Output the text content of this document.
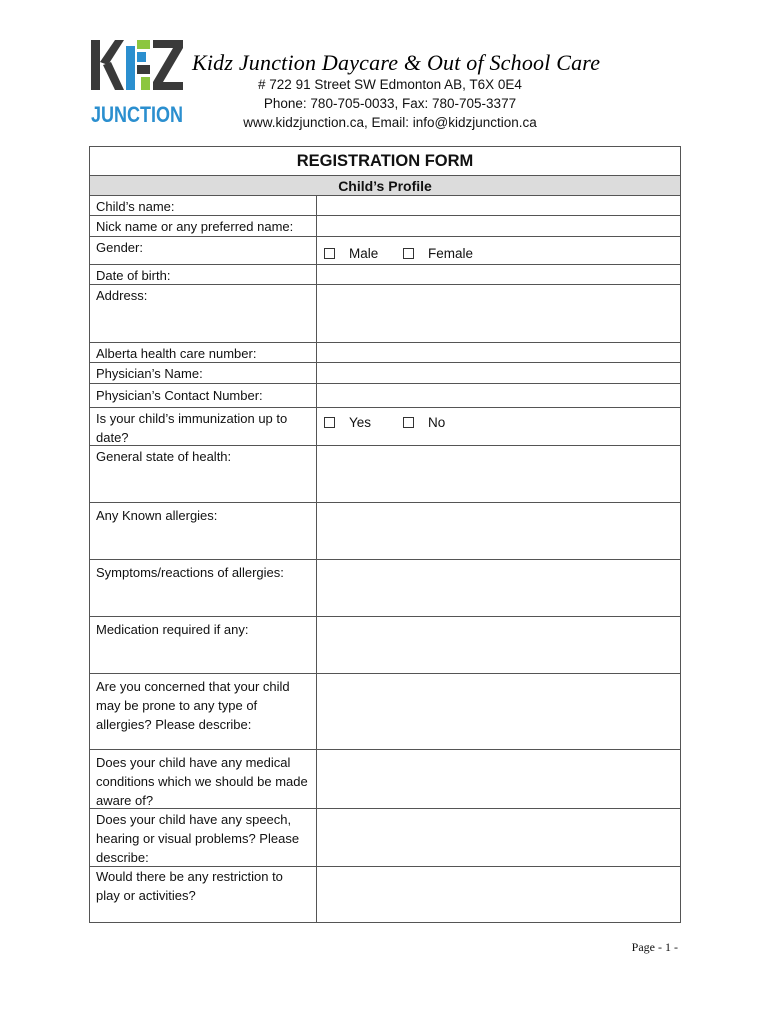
JUNCTION
Kidz Junction Daycare & Out of School Care
# 722 91 Street SW Edmonton AB, T6X 0E4
Phone: 780-705-0033, Fax: 780-705-3377
www.kidzjunction.ca, Email: info@kidzjunction.ca
REGISTRATION FORM
Child’s Profile
Child’s name:
Nick name or any preferred name:
Gender:	Male	Female
Date of birth:
Address:
Alberta health care number:
Physician’s Name:
Physician’s Contact Number:
Is your child’s immunization up to date?
Yes	No
General state of health:
Any Known allergies:
Symptoms/reactions of allergies:
Medication required if any:
Are you concerned that your child may be prone to any type of allergies? Please describe:
Does your child have any medical conditions which we should be made aware of?
Does your child have any speech, hearing or visual problems? Please describe:
Would there be any restriction to play or activities?
Page - 1 -
